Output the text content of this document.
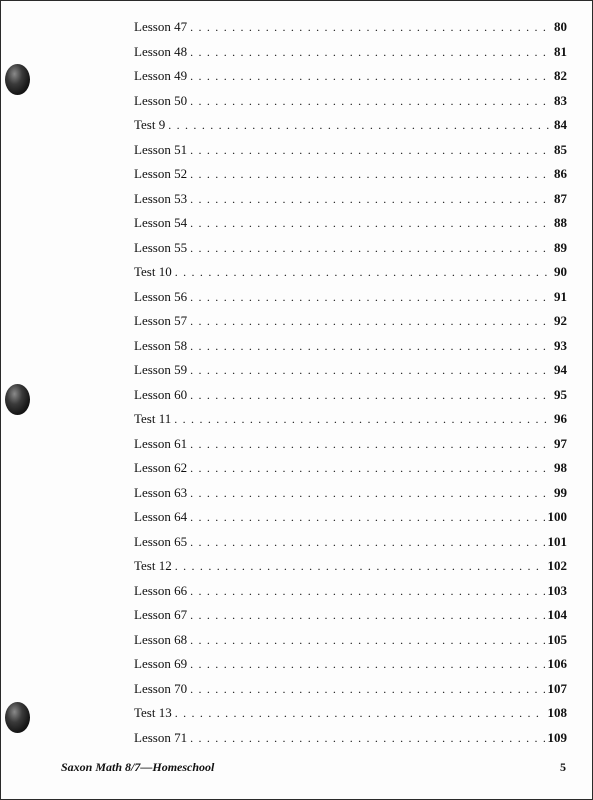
Lesson 47 . . .	80
Lesson 48 . . .	81
Lesson 49 . . .	82
Lesson 50 . . .	83
Test 9 . . .	84
Lesson 51 . . .	85
Lesson 52 . . .	86
Lesson 53 . . .	87
Lesson 54 . . .	88
Lesson 55 . . .	89
Test 10 . . .	90
Lesson 56 . . .	91
Lesson 57 . . .	92
Lesson 58 . . .	93
Lesson 59 . . .	94
Lesson 60 . . .	95
Test 11 . . .	96
Lesson 61 . . .	97
Lesson 62 . . .	98
Lesson 63 . . .	99
Lesson 64 . . .	100
Lesson 65 . . .	101
Test 12 . . .	102
Lesson 66 . . .	103
Lesson 67 . . .	104
Lesson 68 . . .	105
Lesson 69 . . .	106
Lesson 70 . . .	107
Test 13 . . .	108
Lesson 71 . . .	109
Saxon Math 8/7—Homeschool	5
